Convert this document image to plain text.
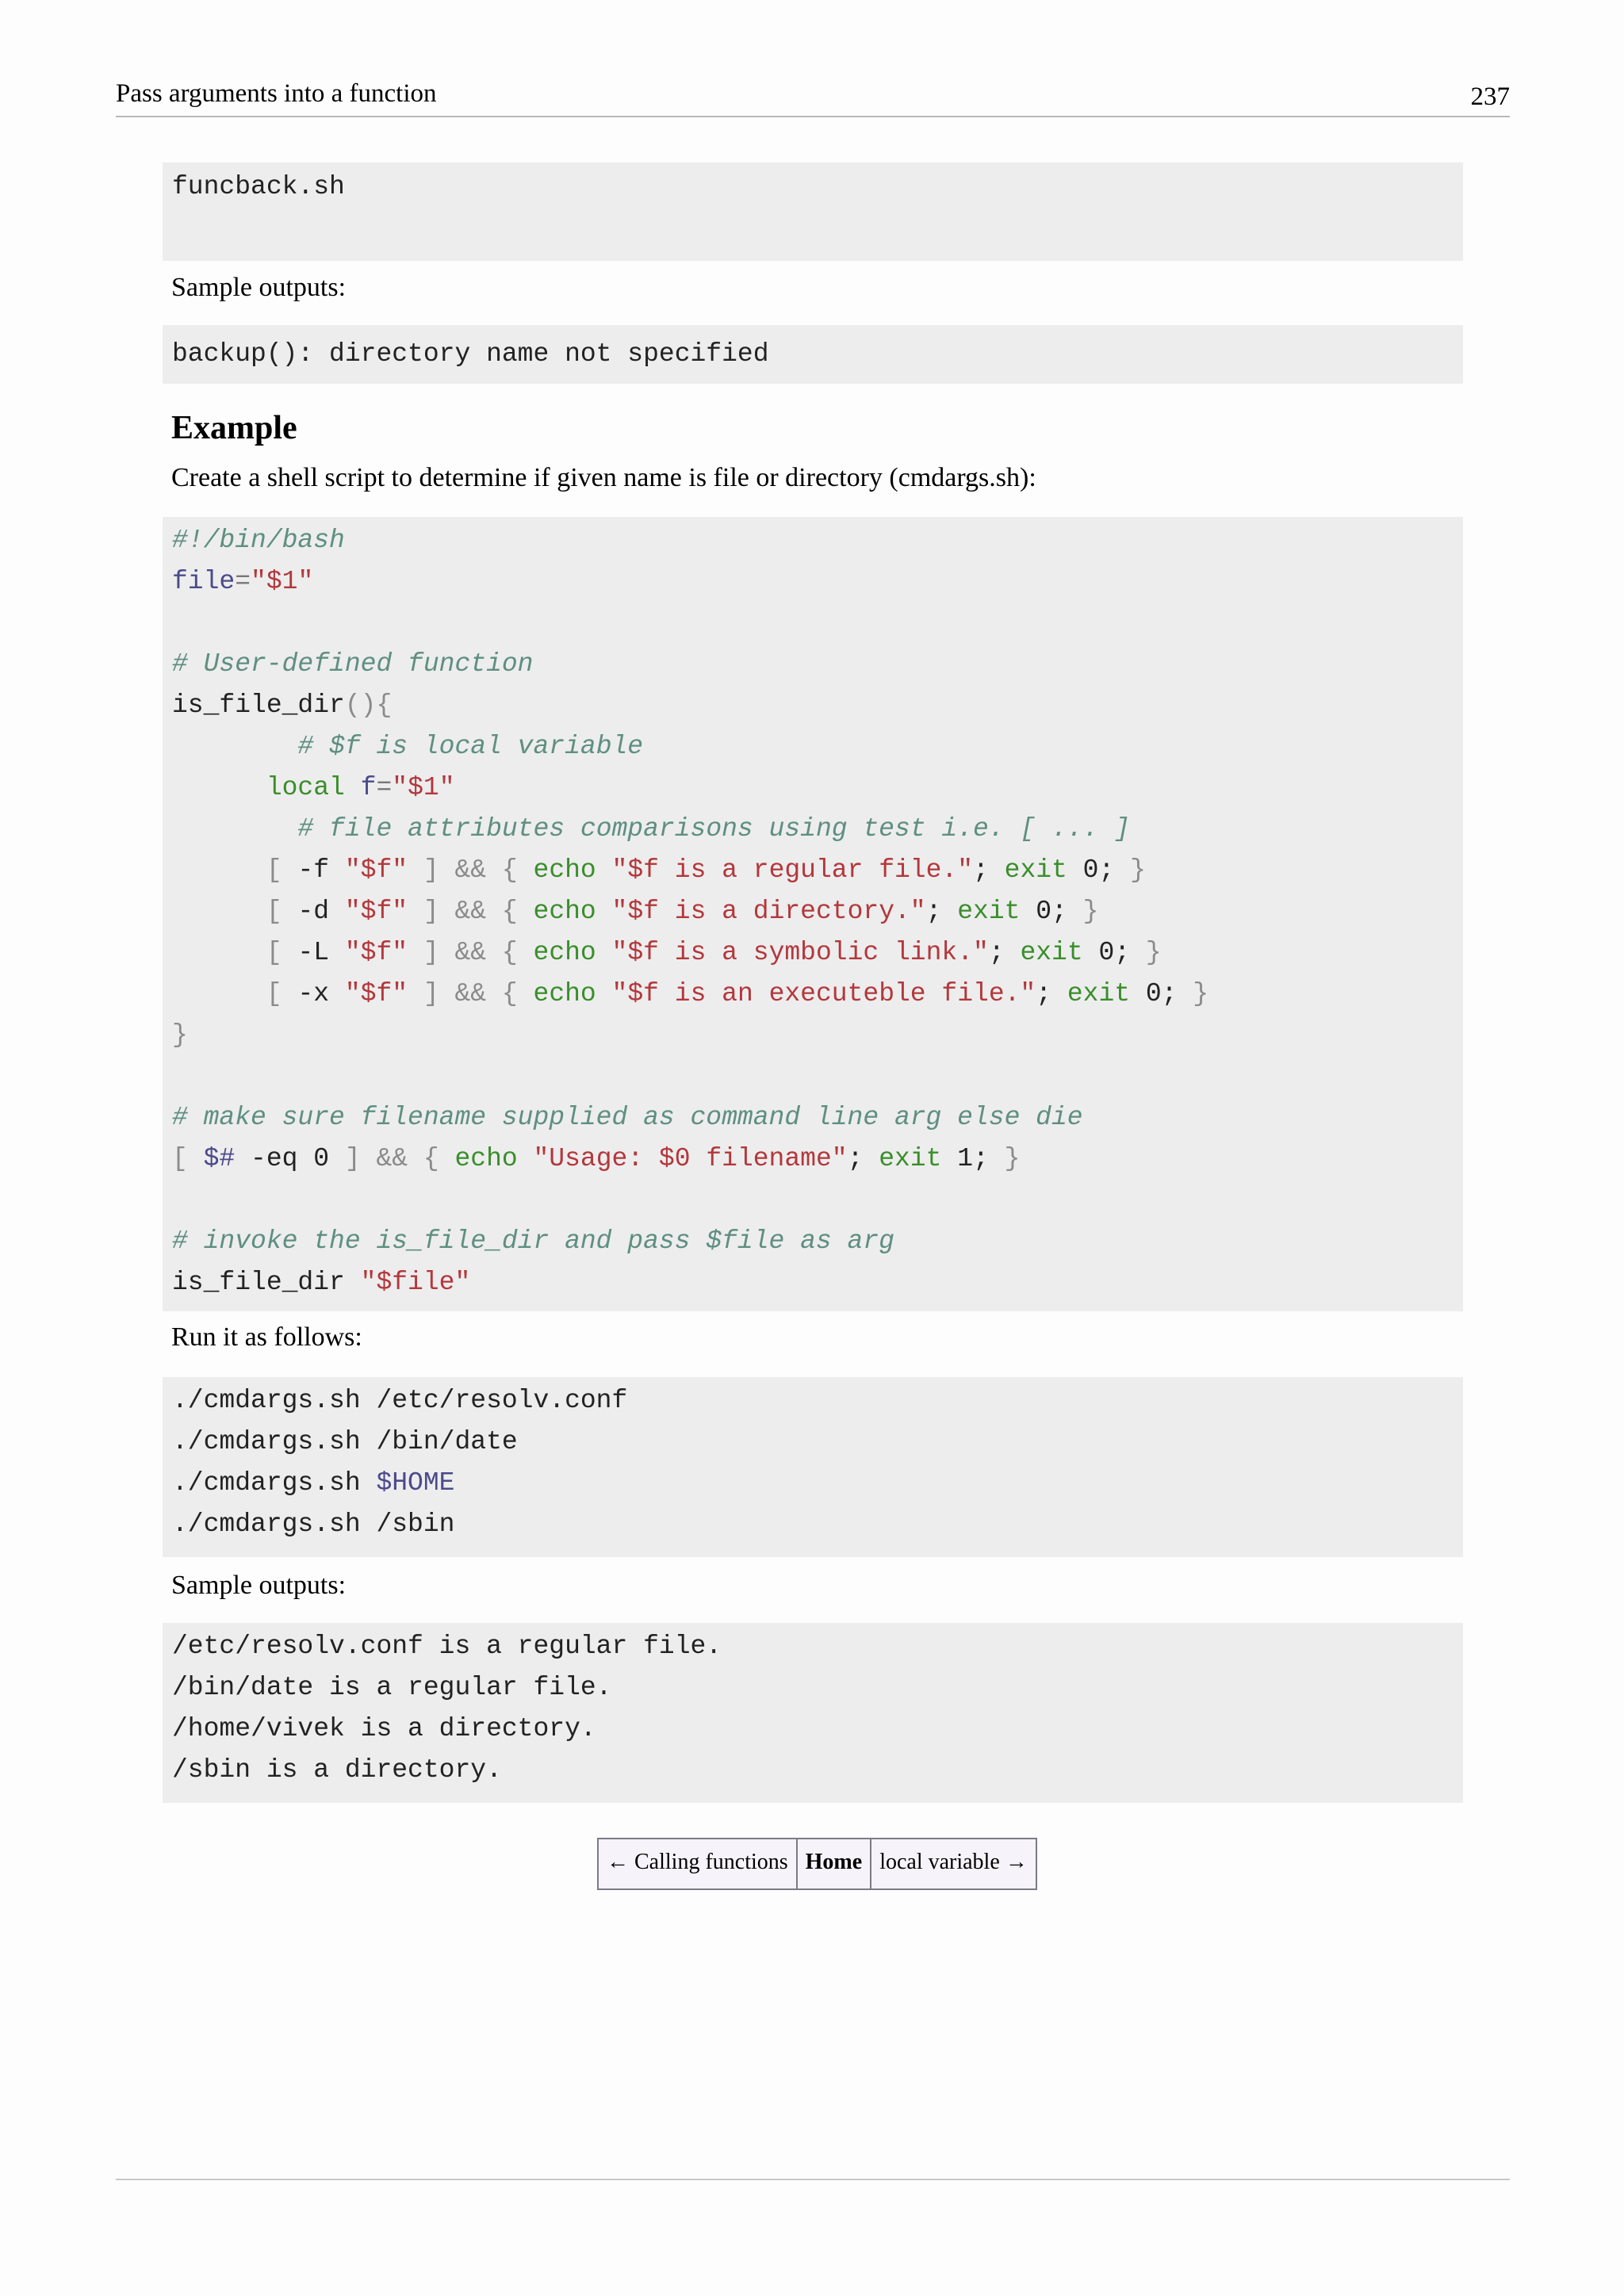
Pass arguments into a function	237
funcback.sh
Sample outputs:
backup(): directory name not specified
Example
Create a shell script to determine if given name is file or directory (cmdargs.sh):
#!/bin/bash
file="$1"
# User-defined function
is_file_dir(){
# $f is local variable
local f="$1"
# file attributes comparisons using test i.e. [ ... ]
[ -f "$f" ] && { echo "$f is a regular file."; exit 0; }
[ -d "$f" ] && { echo "$f is a directory."; exit 0; }
[ -L "$f" ] && { echo "$f is a symbolic link."; exit 0; }
[ -x "$f" ] && { echo "$f is an executeble file."; exit 0; }
}
# make sure filename supplied as command line arg else die
[ $# -eq 0 ] && { echo "Usage: $0 filename"; exit 1; }
# invoke the is_file_dir and pass $file as arg
is_file_dir "$file"
Run it as follows:
./cmdargs.sh /etc/resolv.conf
./cmdargs.sh /bin/date
./cmdargs.sh $HOME
./cmdargs.sh /sbin
Sample outputs:
/etc/resolv.conf is a regular file.
/bin/date is a regular file.
/home/vivek is a directory.
/sbin is a directory.
← Calling functions Home local variable →
